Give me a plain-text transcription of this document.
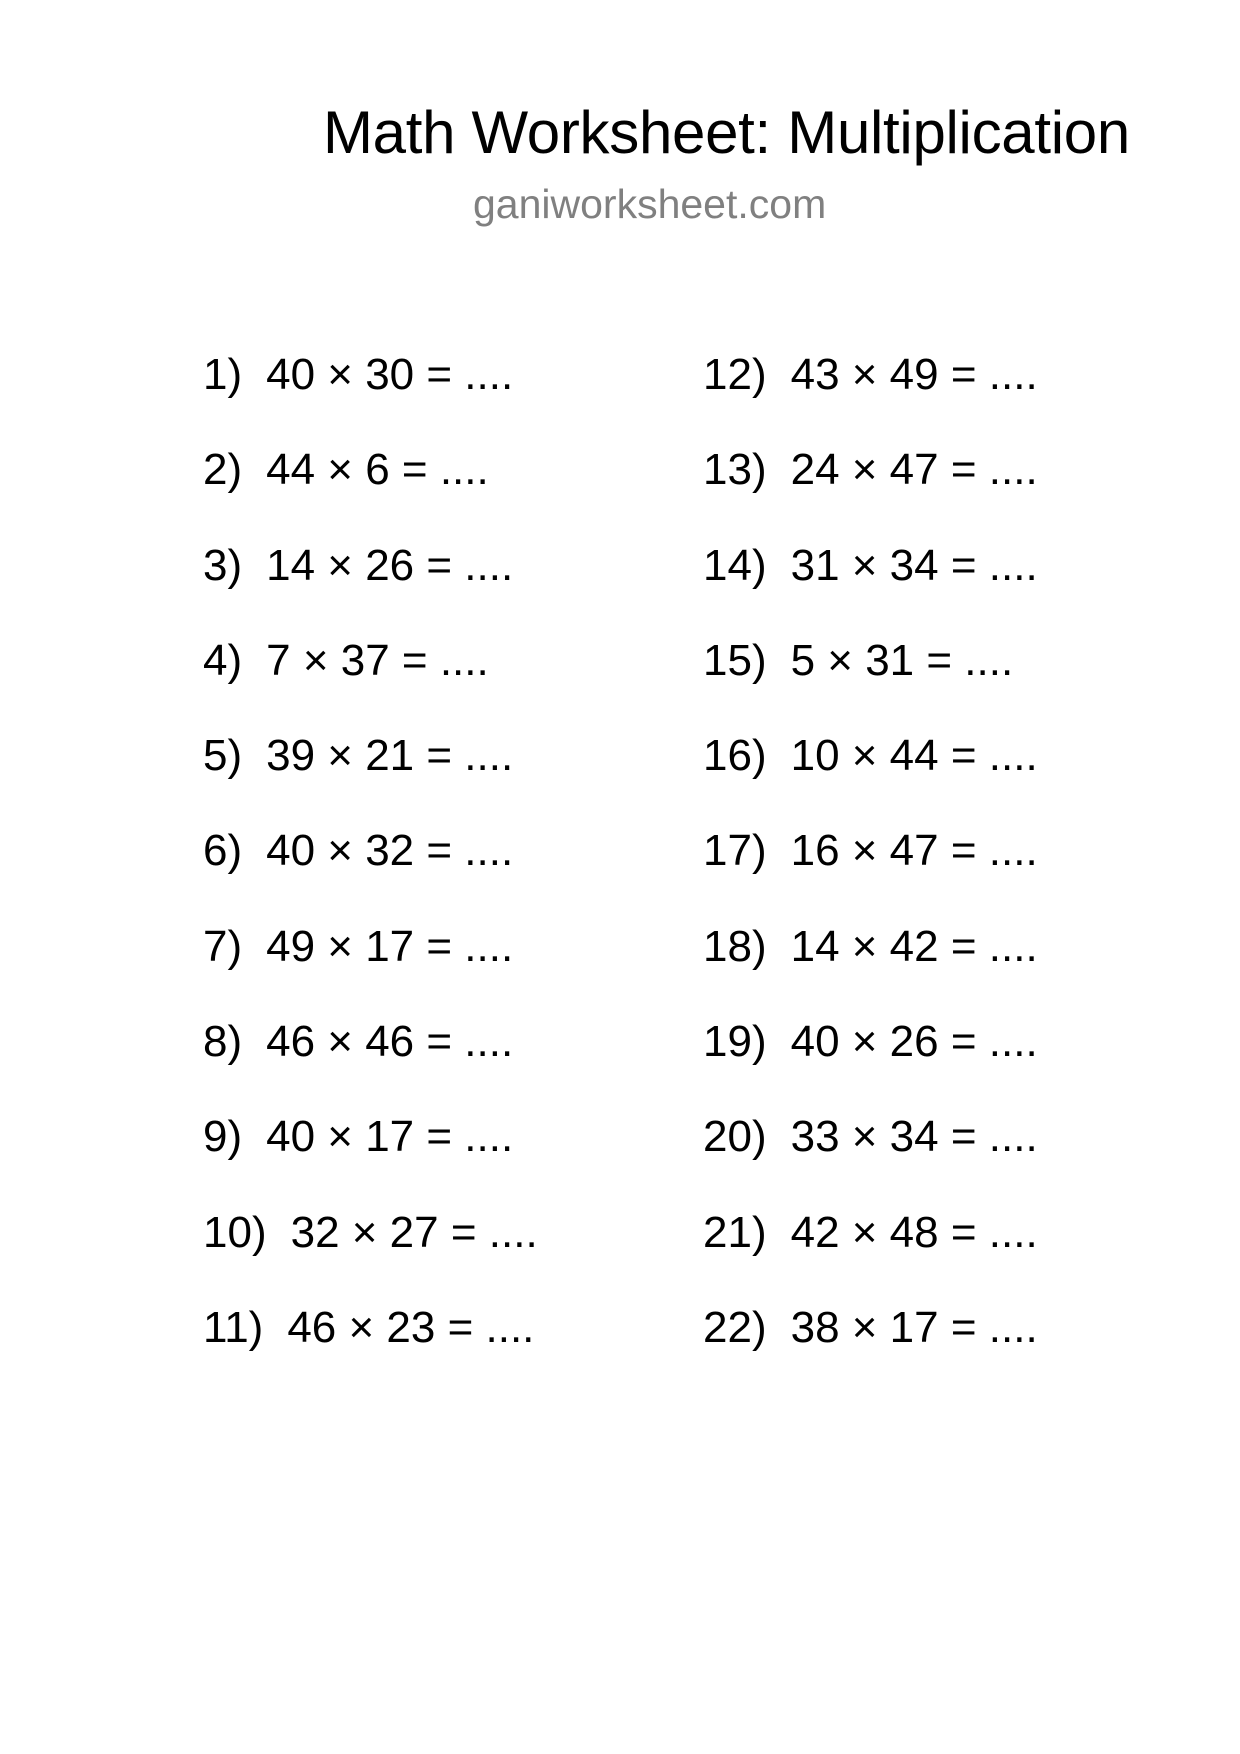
Math Worksheet: Multiplication
ganiworksheet.com
1) 40 × 30 = ....
2) 44 × 6 = ....
3) 14 × 26 = ....
4) 7 × 37 = ....
5) 39 × 21 = ....
6) 40 × 32 = ....
7) 49 × 17 = ....
8) 46 × 46 = ....
9) 40 × 17 = ....
10) 32 × 27 = ....
11) 46 × 23 = ....
12) 43 × 49 = ....
13) 24 × 47 = ....
14) 31 × 34 = ....
15) 5 × 31 = ....
16) 10 × 44 = ....
17) 16 × 47 = ....
18) 14 × 42 = ....
19) 40 × 26 = ....
20) 33 × 34 = ....
21) 42 × 48 = ....
22) 38 × 17 = ....
